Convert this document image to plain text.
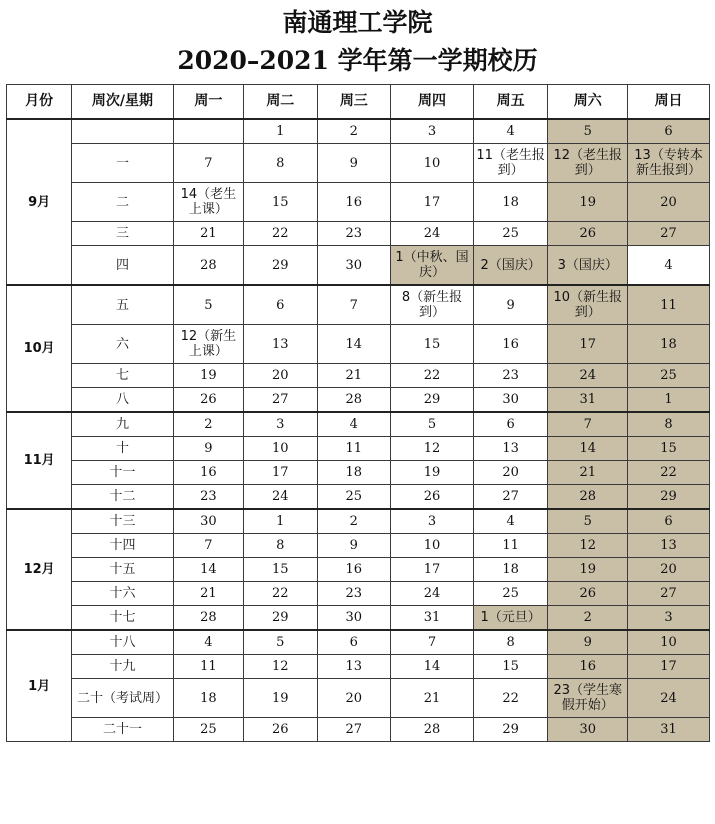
南通理工学院
2020–2021 学年第一学期校历
月份	周次/星期	周一	周二	周三	周四	周五	周六	周日
9月			1	2	3	4	5	6
	一	7	8	9	10	11（老生报到）	12（老生报到）	13（专转本新生报到）
	二	14（老生上课）	15	16	17	18	19	20
	三	21	22	23	24	25	26	27
	四	28	29	30	1（中秋、国庆）	2（国庆）	3（国庆）	4
10月	五	5	6	7	8（新生报到）	9	10（新生报到）	11
	六	12（新生上课）	13	14	15	16	17	18
	七	19	20	21	22	23	24	25
	八	26	27	28	29	30	31	1
11月	九	2	3	4	5	6	7	8
	十	9	10	11	12	13	14	15
	十一	16	17	18	19	20	21	22
	十二	23	24	25	26	27	28	29
12月	十三	30	1	2	3	4	5	6
	十四	7	8	9	10	11	12	13
	十五	14	15	16	17	18	19	20
	十六	21	22	23	24	25	26	27
	十七	28	29	30	31	1（元旦）	2	3
1月	十八	4	5	6	7	8	9	10
	十九	11	12	13	14	15	16	17
	二十（考试周）	18	19	20	21	22	23（学生寒假开始）	24
	二十一	25	26	27	28	29	30	31
